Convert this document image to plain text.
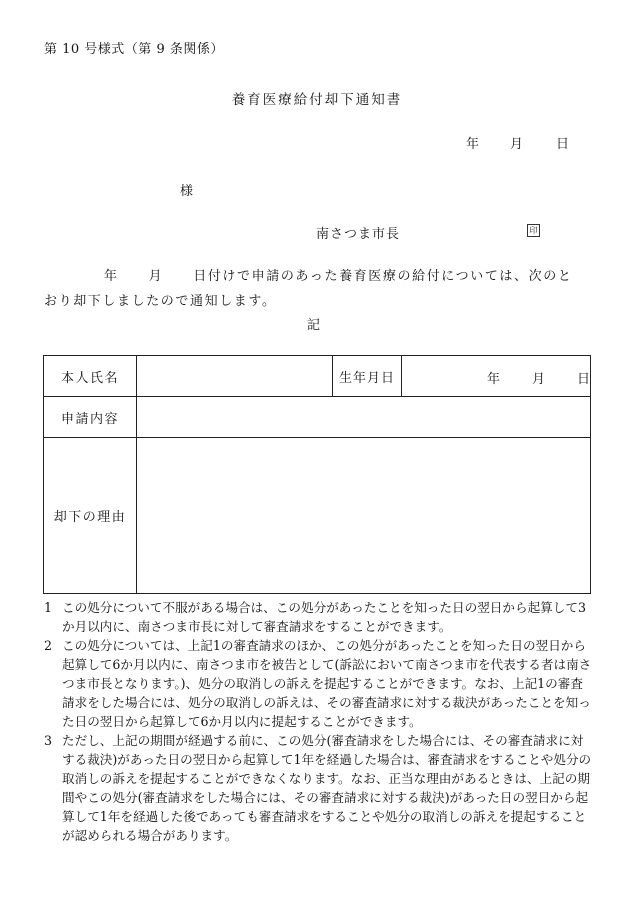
第 10 号様式（第 9 条関係）
養育医療給付却下通知書
年 月	日
様
南さつま市長	印
年 月 日付けで申請のあった養育医療の給付については、次のと
おり却下しましたので通知します。
記
本人氏名		生年月日	年 月 日

申請内容			
却下の理由			
1 この処分について不服がある場合は、この処分があったことを知った日の翌日から起算して3か月以内に、南さつま市長に対して審査請求をすることができます。

2 この処分については、上記1の審査請求のほか、この処分があったことを知った日の翌日から起算して6か月以内に、南さつま市を被告として(訴訟において南さつま市を代表する者は南さつま市長となります。)、処分の取消しの訴えを提起することができます。なお、上記1の審査請求をした場合には、処分の取消しの訴えは、その審査請求に対する裁決があったことを知った日の翌日から起算して6か月以内に提起することができます。

3 ただし、上記の期間が経過する前に、この処分(審査請求をした場合には、その審査請求に対する裁決)があった日の翌日から起算して1年を経過した場合は、審査請求をすることや処分の取消しの訴えを提起することができなくなります。なお、正当な理由があるときは、上記の期間やこの処分(審査請求をした場合には、その審査請求に対する裁決)があった日の翌日から起算して1年を経過した後であっても審査請求をすることや処分の取消しの訴えを提起することが認められる場合があります。
